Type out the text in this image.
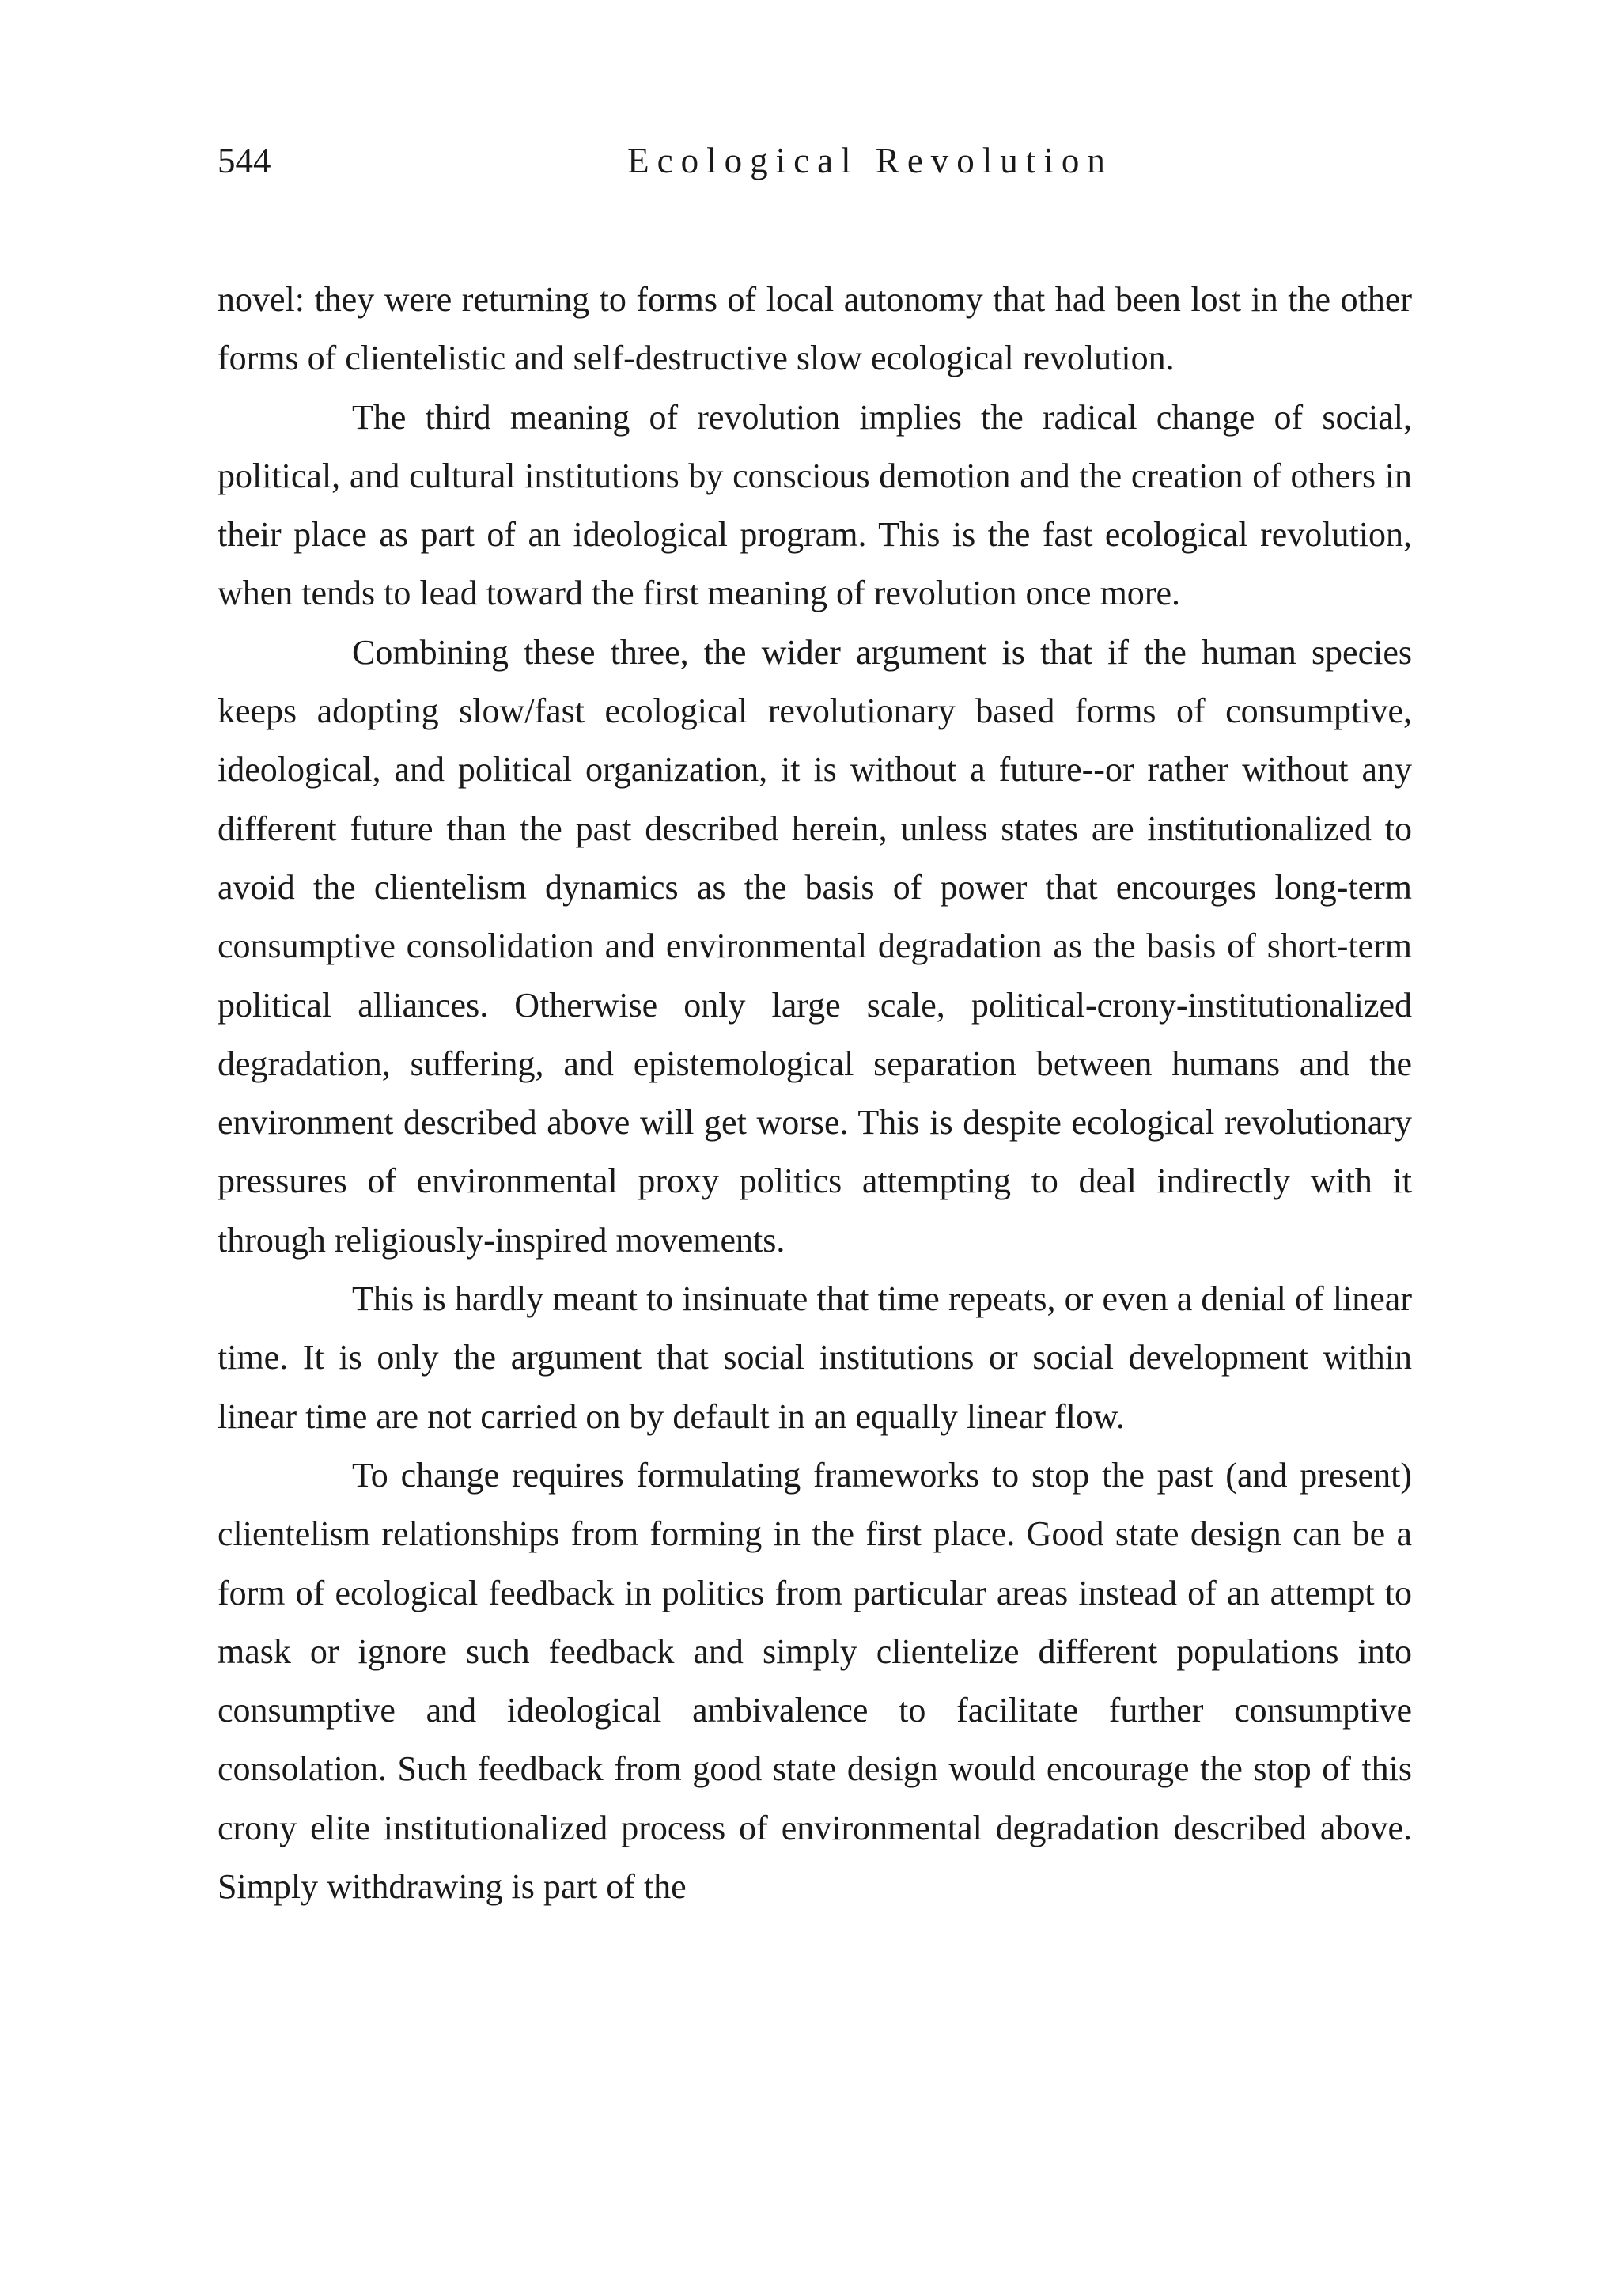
544	Ecological Revolution

novel: they were returning to forms of local autonomy that had been lost in the other forms of clientelistic and self-destructive slow ecological revolution.

The third meaning of revolution implies the radical change of social, political, and cultural institutions by conscious demotion and the creation of others in their place as part of an ideological program. This is the fast ecological revolution, when tends to lead toward the first meaning of revolution once more.

Combining these three, the wider argument is that if the human species keeps adopting slow/fast ecological revolutionary based forms of consumptive, ideological, and political organization, it is without a future--or rather without any different future than the past described herein, unless states are institutionalized to avoid the clientelism dynamics as the basis of power that encourges long-term consumptive consolidation and environmental degradation as the basis of short-term political alliances. Otherwise only large scale, political-crony-institutionalized degradation, suffering, and epistemological separation between humans and the environment described above will get worse. This is despite ecological revolutionary pressures of environmental proxy politics attempting to deal indirectly with it through religiously-inspired movements.

This is hardly meant to insinuate that time repeats, or even a denial of linear time. It is only the argument that social institutions or social development within linear time are not carried on by default in an equally linear flow.

To change requires formulating frameworks to stop the past (and present) clientelism relationships from forming in the first place. Good state design can be a form of ecological feedback in politics from particular areas instead of an attempt to mask or ignore such feedback and simply clientelize different populations into consumptive and ideological ambivalence to facilitate further consumptive consolation. Such feedback from good state design would encourage the stop of this crony elite institutionalized process of environmental degradation described above. Simply withdrawing is part of the
